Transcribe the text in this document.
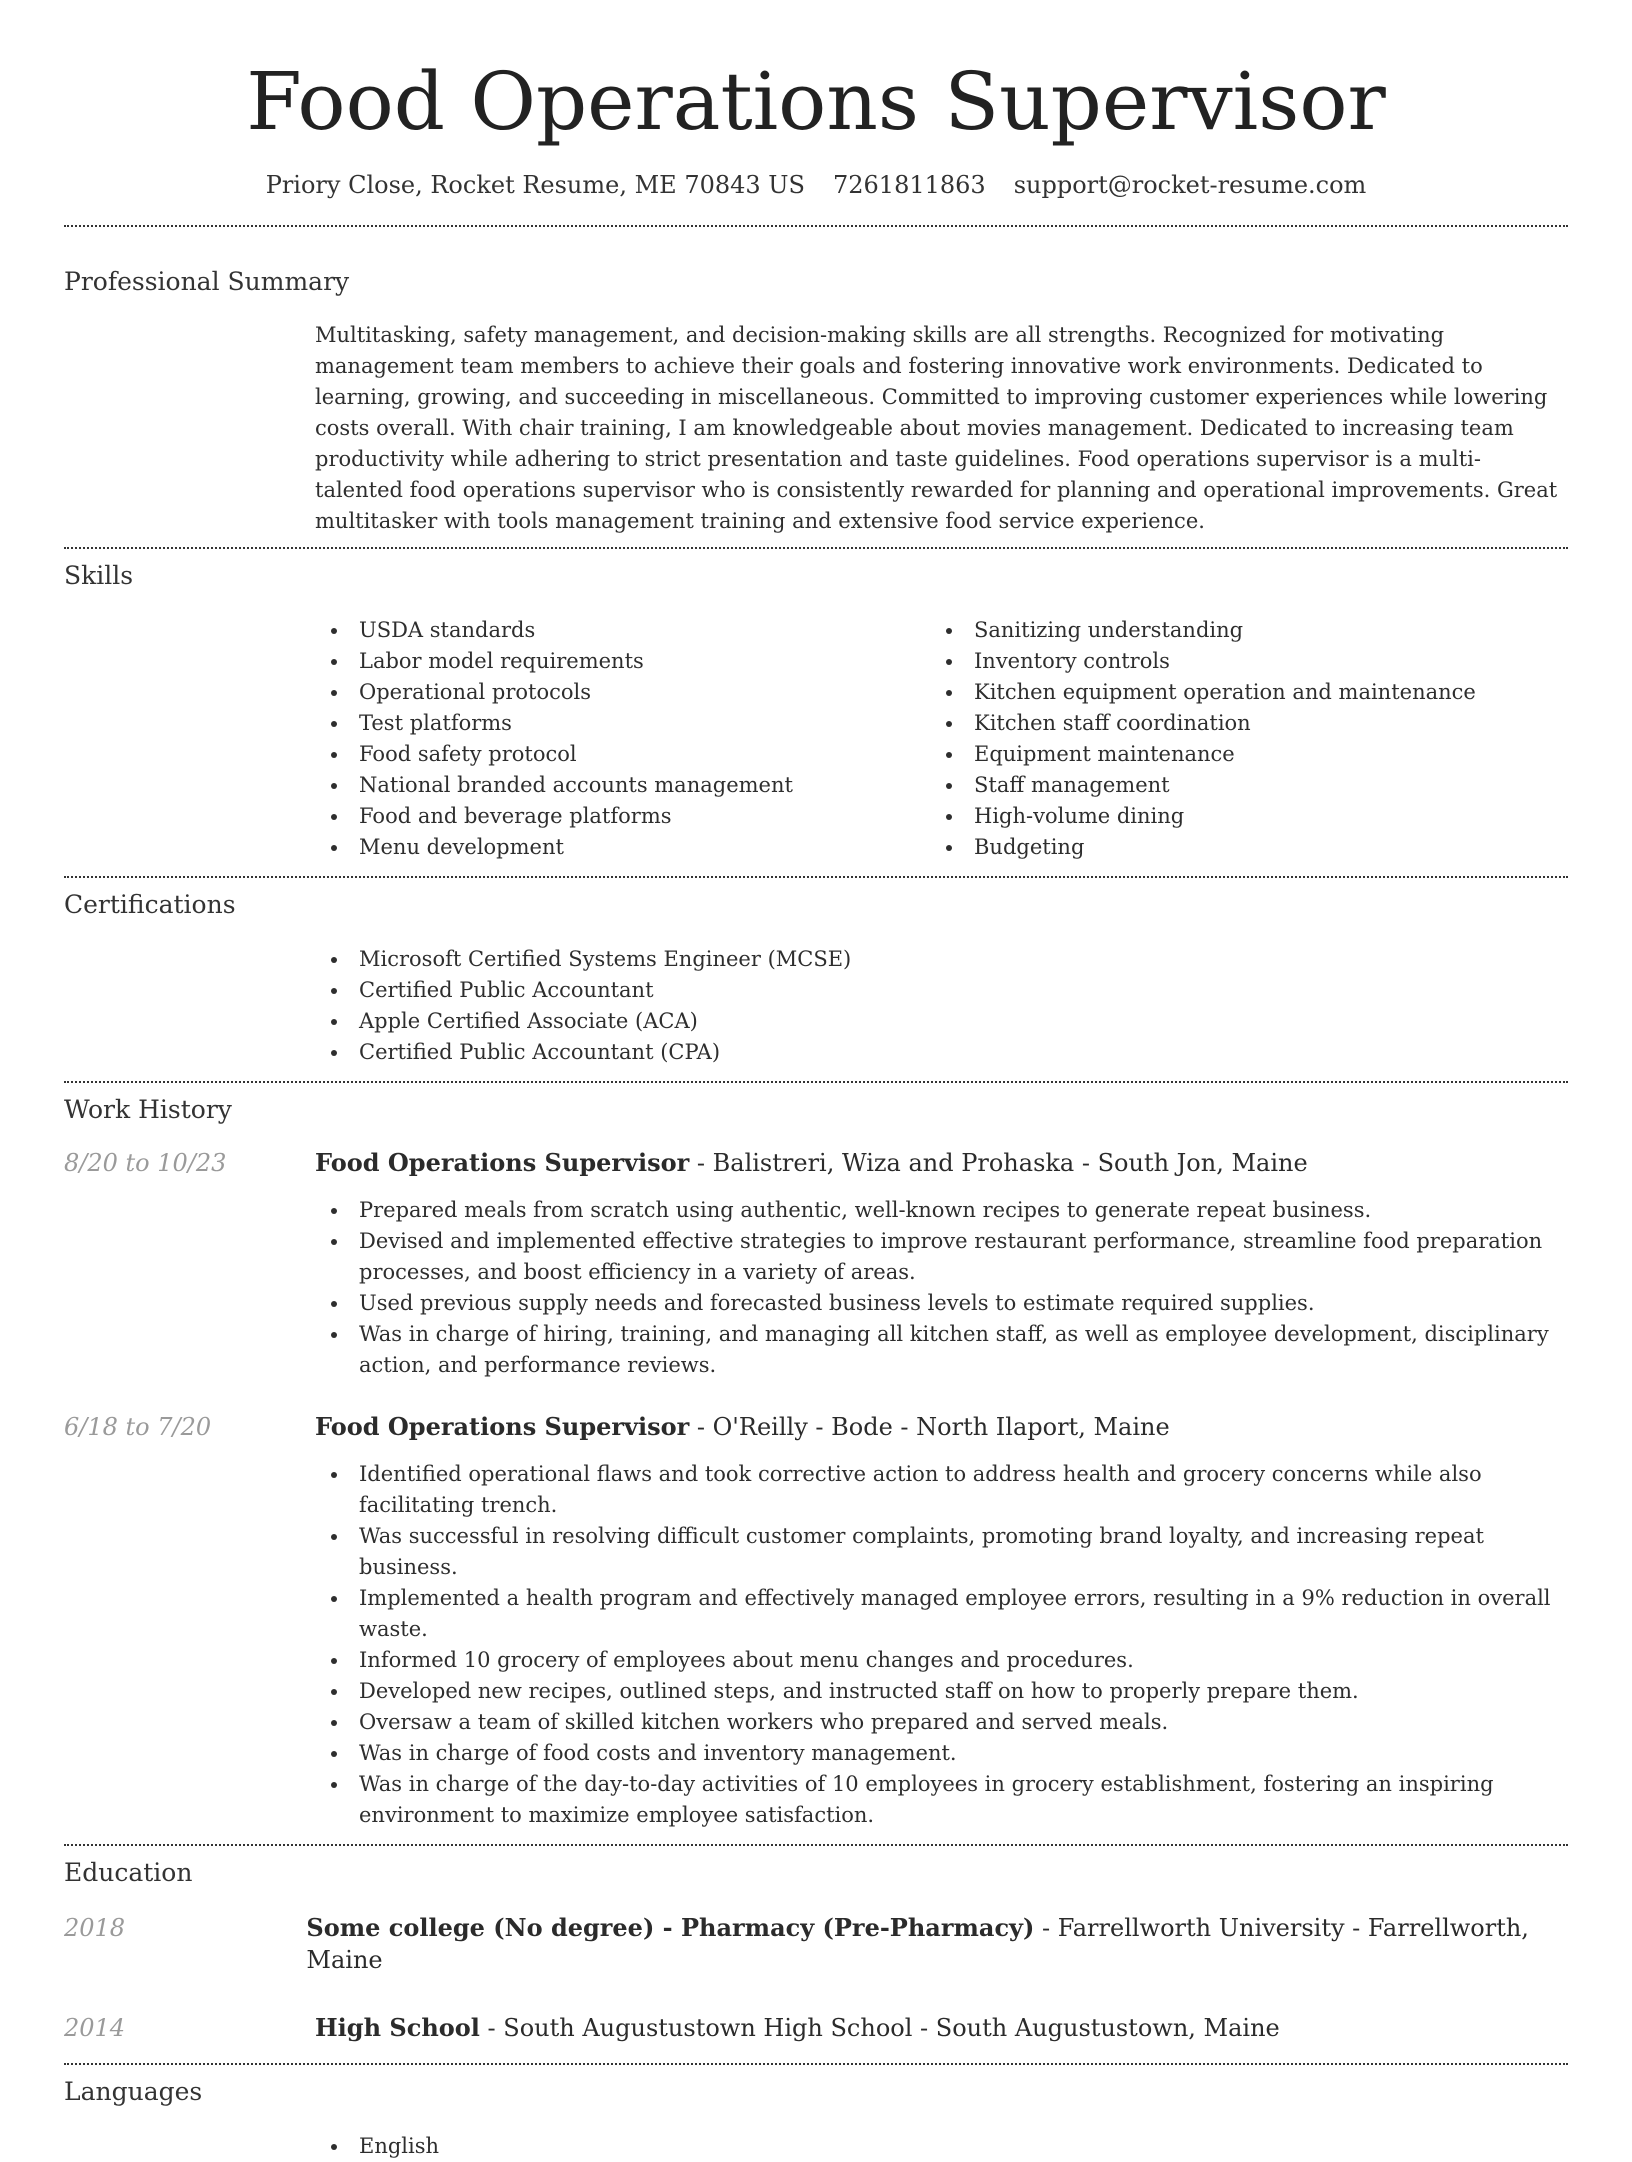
Food Operations Supervisor
Priory Close, Rocket Resume, ME 70843 US 7261811863 support@rocket-resume.com
Professional Summary

Multitasking, safety management, and decision-making skills are all strengths. Recognized for motivating management team members to achieve their goals and fostering innovative work environments. Dedicated to learning, growing, and succeeding in miscellaneous. Committed to improving customer experiences while lowering costs overall. With chair training, I am knowledgeable about movies management. Dedicated to increasing team productivity while adhering to strict presentation and taste guidelines. Food operations supervisor is a multi-talented food operations supervisor who is consistently rewarded for planning and operational improvements. Great multitasker with tools management training and extensive food service experience.

Skills
USDA standards
Labor model requirements
Operational protocols
Test platforms
Food safety protocol
National branded accounts management
Food and beverage platforms
Menu development
Sanitizing understanding
Inventory controls
Kitchen equipment operation and maintenance
Kitchen staff coordination
Equipment maintenance
Staff management
High-volume dining
Budgeting
Certifications
Microsoft Certified Systems Engineer (MCSE)
Certified Public Accountant
Apple Certified Associate (ACA)
Certified Public Accountant (CPA)
Work History
8/20 to 10/23	Food Operations Supervisor - Balistreri, Wiza and Prohaska - South Jon, Maine
Prepared meals from scratch using authentic, well-known recipes to generate repeat business.
Devised and implemented effective strategies to improve restaurant performance, streamline food preparation processes, and boost efficiency in a variety of areas.
Used previous supply needs and forecasted business levels to estimate required supplies.
Was in charge of hiring, training, and managing all kitchen staff, as well as employee development, disciplinary action, and performance reviews.
6/18 to 7/20	Food Operations Supervisor - O'Reilly - Bode - North Ilaport, Maine
Identified operational flaws and took corrective action to address health and grocery concerns while also facilitating trench.
Was successful in resolving difficult customer complaints, promoting brand loyalty, and increasing repeat business.
Implemented a health program and effectively managed employee errors, resulting in a 9% reduction in overall waste.
Informed 10 grocery of employees about menu changes and procedures.
Developed new recipes, outlined steps, and instructed staff on how to properly prepare them.
Oversaw a team of skilled kitchen workers who prepared and served meals.
Was in charge of food costs and inventory management.
Was in charge of the day-to-day activities of 10 employees in grocery establishment, fostering an inspiring environment to maximize employee satisfaction.
Education
2018	Some college (No degree) - Pharmacy (Pre-Pharmacy) - Farrellworth University - Farrellworth, Maine
2014	High School - South Augustustown High School - South Augustustown, Maine
Languages
English
